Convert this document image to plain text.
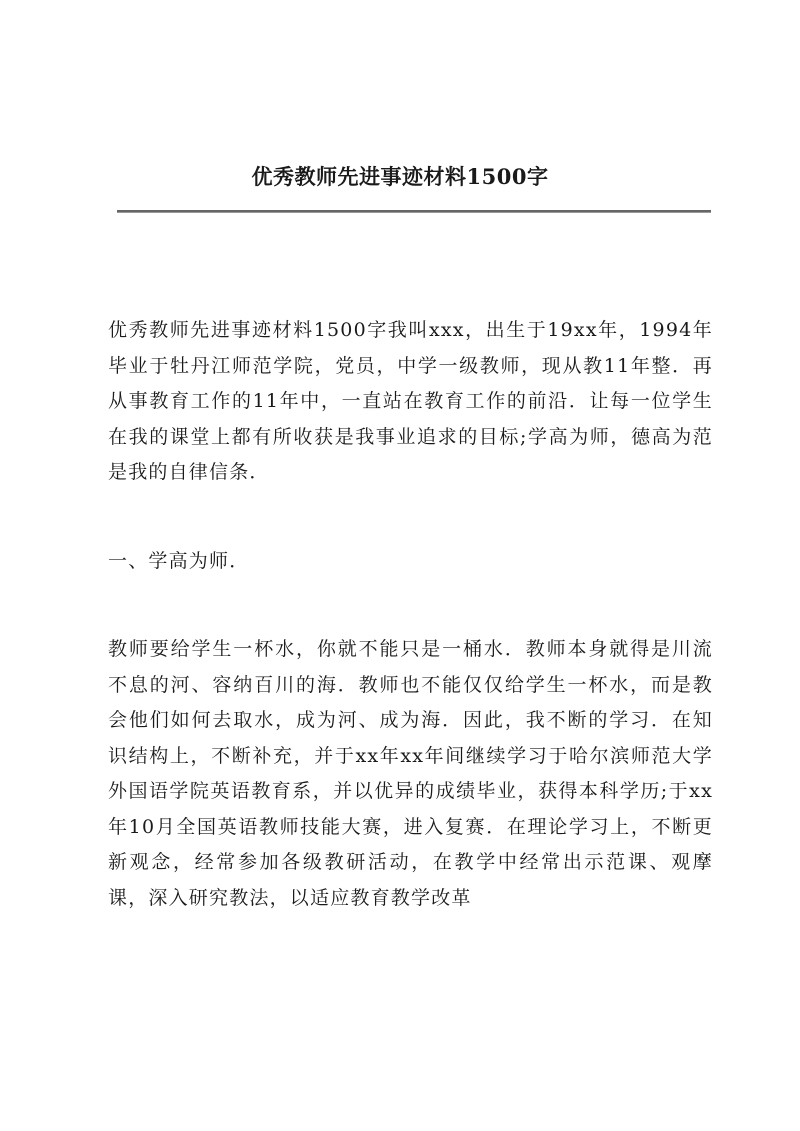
优秀教师先进事迹材料1500字

优秀教师先进事迹材料1500字我叫xxx，出生于19xx年，1994年毕业于牡丹江师范学院，党员，中学一级教师，现从教11年整．再从事教育工作的11年中，一直站在教育工作的前沿．让每一位学生在我的课堂上都有所收获是我事业追求的目标;学高为师，德高为范是我的自律信条．

一、学高为师．

教师要给学生一杯水，你就不能只是一桶水．教师本身就得是川流不息的河、容纳百川的海．教师也不能仅仅给学生一杯水，而是教会他们如何去取水，成为河、成为海．因此，我不断的学习．在知识结构上，不断补充，并于xx年xx年间继续学习于哈尔滨师范大学外国语学院英语教育系，并以优异的成绩毕业，获得本科学历;于xx年10月全国英语教师技能大赛，进入复赛．在理论学习上，不断更新观念，经常参加各级教研活动，在教学中经常出示范课、观摩课，深入研究教法，以适应教育教学改革
